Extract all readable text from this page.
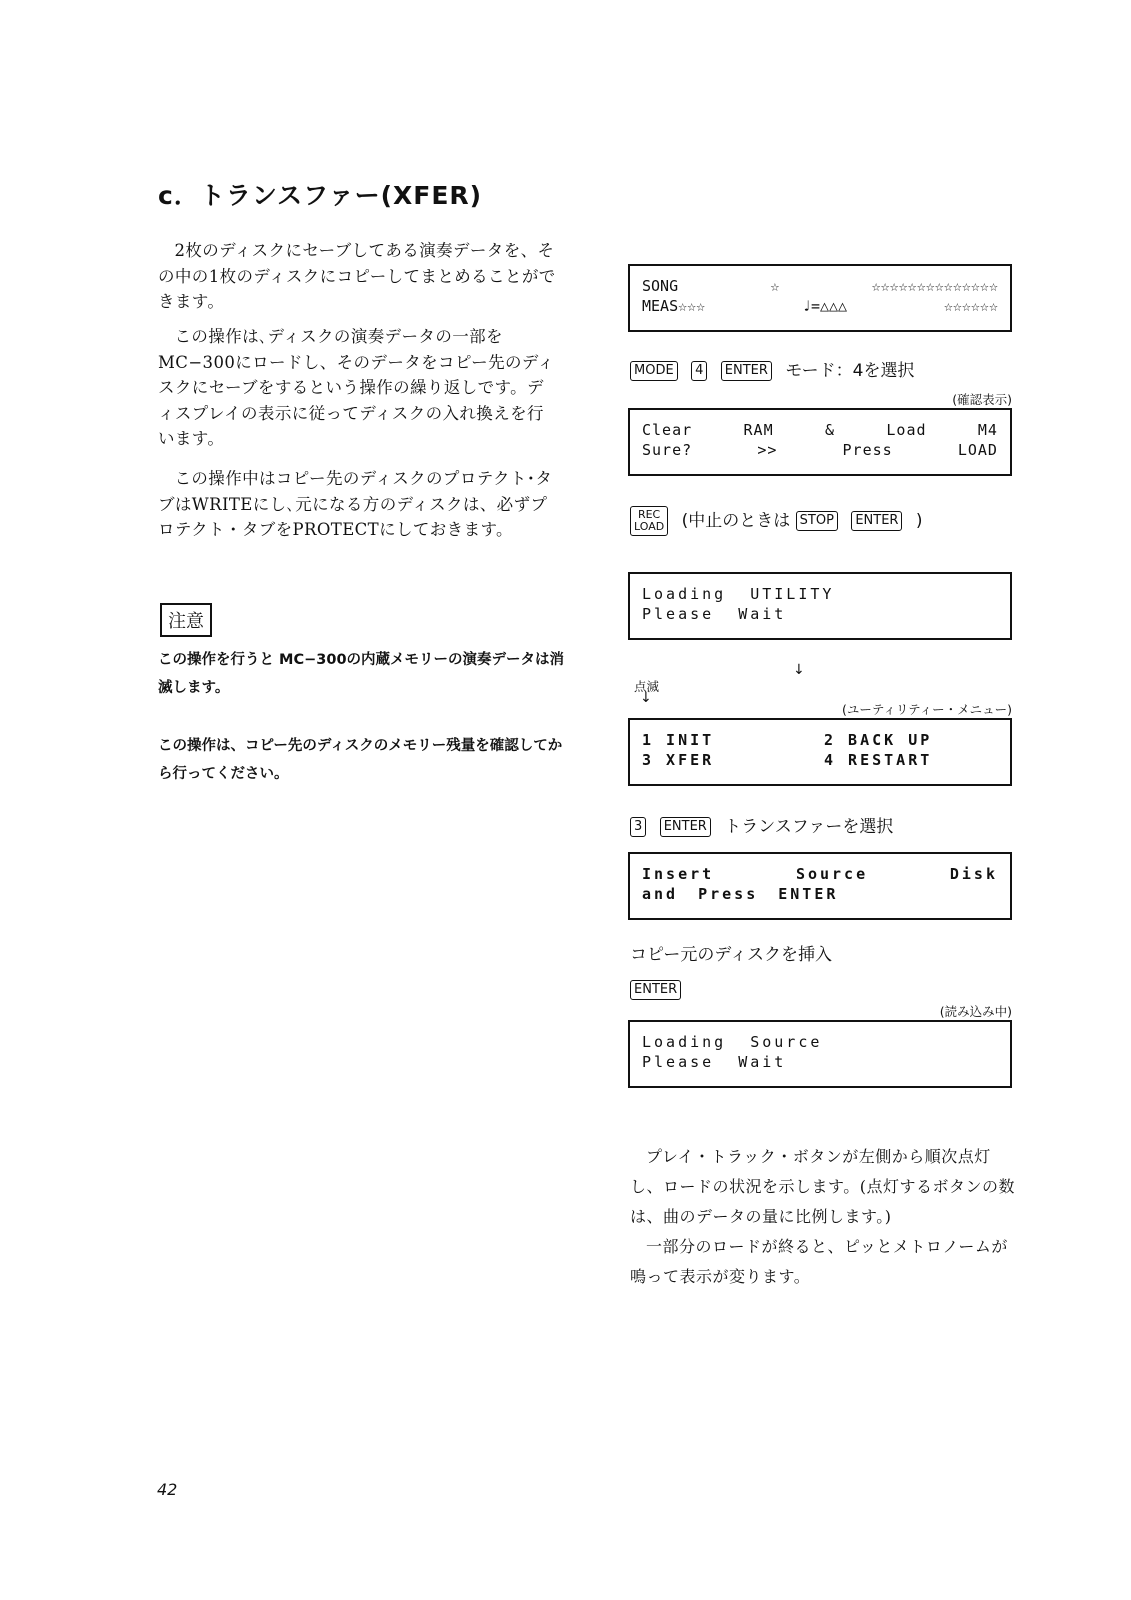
c．トランスファー(XFER)
2枚のディスクにセーブしてある演奏データを、その中の1枚のディスクにコピーしてまとめることができます。
この操作は､ディスクの演奏データの一部をMC−300にロードし、そのデータをコピー先のディスクにセーブをするという操作の繰り返しです。ディスプレイの表示に従ってディスクの入れ換えを行います。
この操作中はコピー先のディスクのプロテクト･タブはWRITEにし､元になる方のディスクは、必ずプロテクト・タブをPROTECTにしておきます。
注意
この操作を行うと MC−300の内蔵メモリーの演奏データは消滅します。
この操作は、コピー先のディスクのメモリー残量を確認してから行ってください。
SONG	☆	☆☆☆☆☆☆☆☆☆☆☆☆☆☆
MEAS☆☆☆	♩=△△△	☆☆☆☆☆☆
MODE 4 ENTER モード：4を選択
(確認表示)
Clear	RAM	&	Load	M4
Sure?	>>	Press	LOAD
REC
LOAD (中止のときは STOP ENTER )
Loading UTILITY
Please Wait
↓
点滅
↓
(ユーティリティー・メニュー)
1 INIT	2 BACK UP
3 XFER	4 RESTART
3 ENTER トランスファーを選択
Insert	Source	Disk
and Press ENTER
コピー元のディスクを挿入
ENTER
(読み込み中)
Loading Source
Please Wait
プレイ・トラック・ボタンが左側から順次点灯し、ロードの状況を示します。(点灯するボタンの数は、曲のデータの量に比例します。)
一部分のロードが終ると、ピッとメトロノームが鳴って表示が変ります。
42
